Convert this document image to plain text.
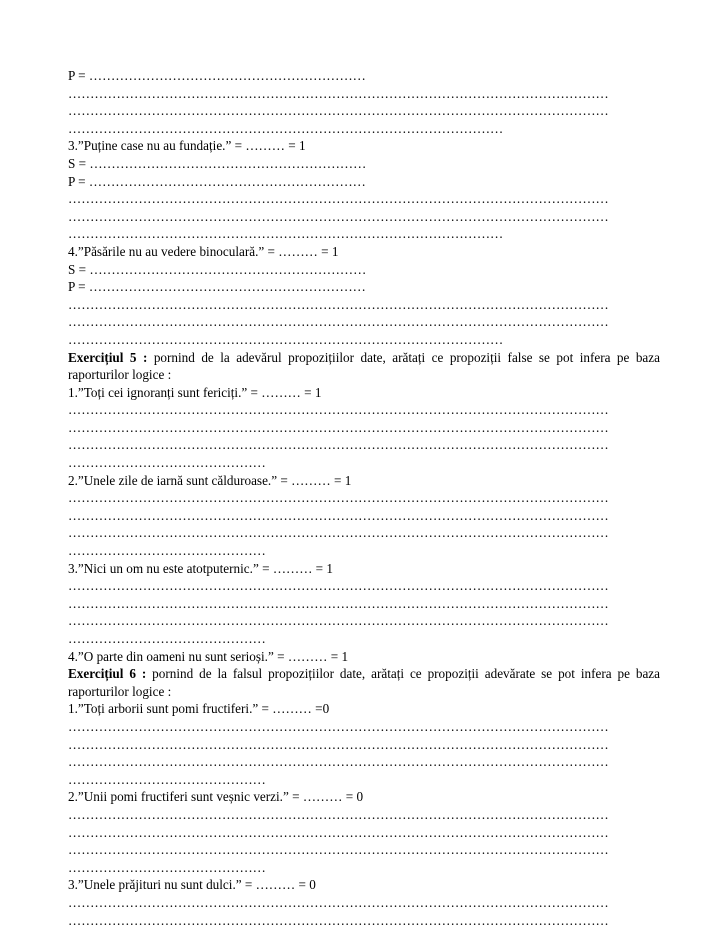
P = ………………………………………………………
……………………………………………………………………………………………………………
……………………………………………………………………………………………………………
………………………………………………………………………………………
3.”Puține case nu au fundație.” = ……… = 1
S = ………………………………………………………
P = ………………………………………………………
……………………………………………………………………………………………………………
……………………………………………………………………………………………………………
………………………………………………………………………………………
4.”Păsările nu au vedere binoculară.” = ……… = 1
S = ………………………………………………………
P = ………………………………………………………
……………………………………………………………………………………………………………
……………………………………………………………………………………………………………
………………………………………………………………………………………
Exercițiul 5 : pornind de la adevărul propozițiilor date, arătați ce propoziții false se pot infera pe baza raporturilor logice :
1.”Toți cei ignoranți sunt fericiți.” = ……… = 1
……………………………………………………………………………………………………………
……………………………………………………………………………………………………………
……………………………………………………………………………………………………………
………………………………………
2.”Unele zile de iarnă sunt călduroase.” = ……… = 1
……………………………………………………………………………………………………………
……………………………………………………………………………………………………………
……………………………………………………………………………………………………………
………………………………………
3.”Nici un om nu este atotputernic.” = ……… = 1
……………………………………………………………………………………………………………
……………………………………………………………………………………………………………
……………………………………………………………………………………………………………
………………………………………
4.”O parte din oameni nu sunt serioși.” = ……… = 1
Exercițiul 6 : pornind de la falsul propozițiilor date, arătați ce propoziții adevărate se pot infera pe baza raporturilor logice :
1.”Toți arborii sunt pomi fructiferi.” = ……… =0
……………………………………………………………………………………………………………
……………………………………………………………………………………………………………
……………………………………………………………………………………………………………
………………………………………
2.”Unii pomi fructiferi sunt veșnic verzi.” = ……… = 0
……………………………………………………………………………………………………………
……………………………………………………………………………………………………………
……………………………………………………………………………………………………………
………………………………………
3.”Unele prăjituri nu sunt dulci.” = ……… = 0
……………………………………………………………………………………………………………
……………………………………………………………………………………………………………
